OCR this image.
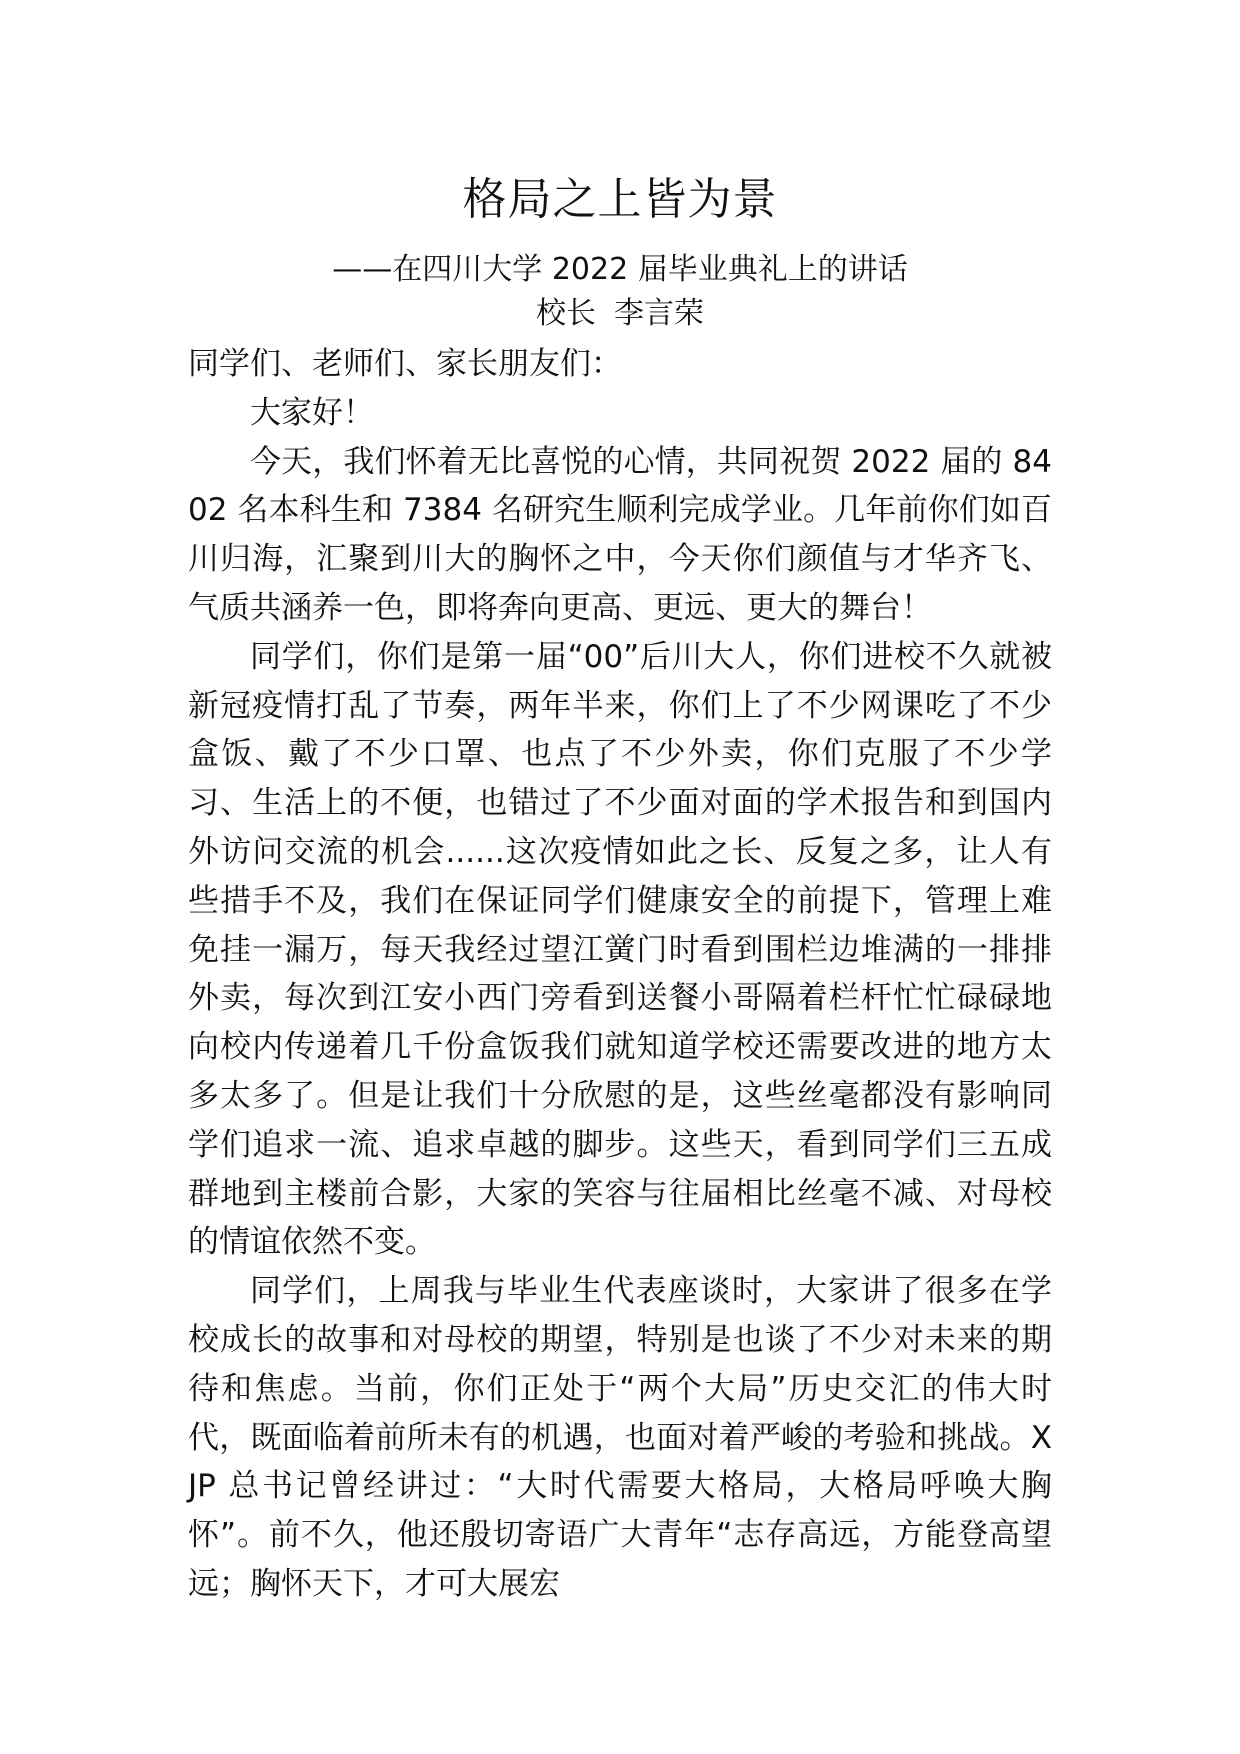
格局之上皆为景
——在四川大学 2022 届毕业典礼上的讲话
校长 李言荣

同学们、老师们、家长朋友们：

大家好！

今天，我们怀着无比喜悦的心情，共同祝贺 2022 届的 8402 名本科生和 7384 名研究生顺利完成学业。几年前你们如百川归海，汇聚到川大的胸怀之中，今天你们颜值与才华齐飞、气质共涵养一色，即将奔向更高、更远、更大的舞台！

同学们，你们是第一届“00”后川大人，你们进校不久就被新冠疫情打乱了节奏，两年半来，你们上了不少网课吃了不少盒饭、戴了不少口罩、也点了不少外卖，你们克服了不少学习、生活上的不便，也错过了不少面对面的学术报告和到国内外访问交流的机会......这次疫情如此之长、反复之多，让人有些措手不及，我们在保证同学们健康安全的前提下，管理上难免挂一漏万，每天我经过望江黉门时看到围栏边堆满的一排排外卖，每次到江安小西门旁看到送餐小哥隔着栏杆忙忙碌碌地向校内传递着几千份盒饭我们就知道学校还需要改进的地方太多太多了。但是让我们十分欣慰的是，这些丝毫都没有影响同学们追求一流、追求卓越的脚步。这些天，看到同学们三五成群地到主楼前合影，大家的笑容与往届相比丝毫不减、对母校的情谊依然不变。

同学们，上周我与毕业生代表座谈时，大家讲了很多在学校成长的故事和对母校的期望，特别是也谈了不少对未来的期待和焦虑。当前，你们正处于“两个大局”历史交汇的伟大时代，既面临着前所未有的机遇，也面对着严峻的考验和挑战。XJP 总书记曾经讲过：“大时代需要大格局，大格局呼唤大胸怀”。前不久，他还殷切寄语广大青年“志存高远，方能登高望远；胸怀天下，才可大展宏
